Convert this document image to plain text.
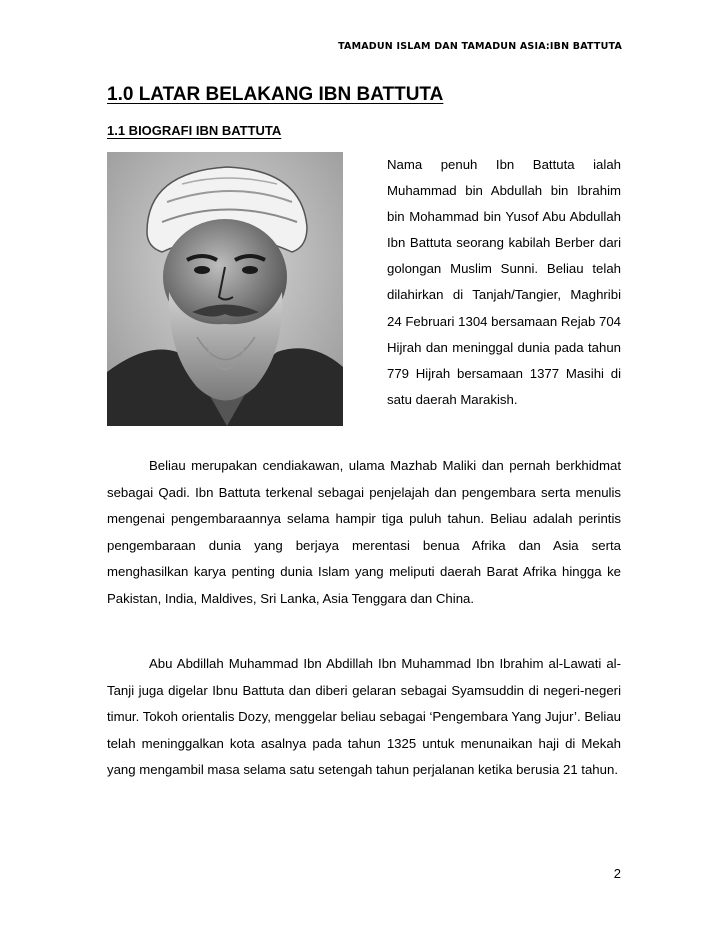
TAMADUN ISLAM DAN TAMADUN ASIA:IBN BATTUTA
1.0 LATAR BELAKANG IBN BATTUTA
1.1 BIOGRAFI IBN BATTUTA

Nama penuh Ibn Battuta ialah Muhammad bin Abdullah bin Ibrahim bin Mohammad bin Yusof Abu Abdullah Ibn Battuta seorang kabilah Berber dari golongan Muslim Sunni. Beliau telah dilahirkan di Tanjah/Tangier, Maghribi 24 Februari 1304 bersamaan Rejab 704 Hijrah dan meninggal dunia pada tahun 779 Hijrah bersamaan 1377 Masihi di satu daerah Marakish.

Beliau merupakan cendiakawan, ulama Mazhab Maliki dan pernah berkhidmat sebagai Qadi. Ibn Battuta terkenal sebagai penjelajah dan pengembara serta menulis mengenai pengembaraannya selama hampir tiga puluh tahun. Beliau adalah perintis pengembaraan dunia yang berjaya merentasi benua Afrika dan Asia serta menghasilkan karya penting dunia Islam yang meliputi daerah Barat Afrika hingga ke Pakistan, India, Maldives, Sri Lanka, Asia Tenggara dan China.

Abu Abdillah Muhammad Ibn Abdillah Ibn Muhammad Ibn Ibrahim al-Lawati al-Tanji juga digelar Ibnu Battuta dan diberi gelaran sebagai Syamsuddin di negeri-negeri timur. Tokoh orientalis Dozy, menggelar beliau sebagai ‘Pengembara Yang Jujur’. Beliau telah meninggalkan kota asalnya pada tahun 1325 untuk menunaikan haji di Mekah yang mengambil masa selama satu setengah tahun perjalanan ketika berusia 21 tahun.

2
